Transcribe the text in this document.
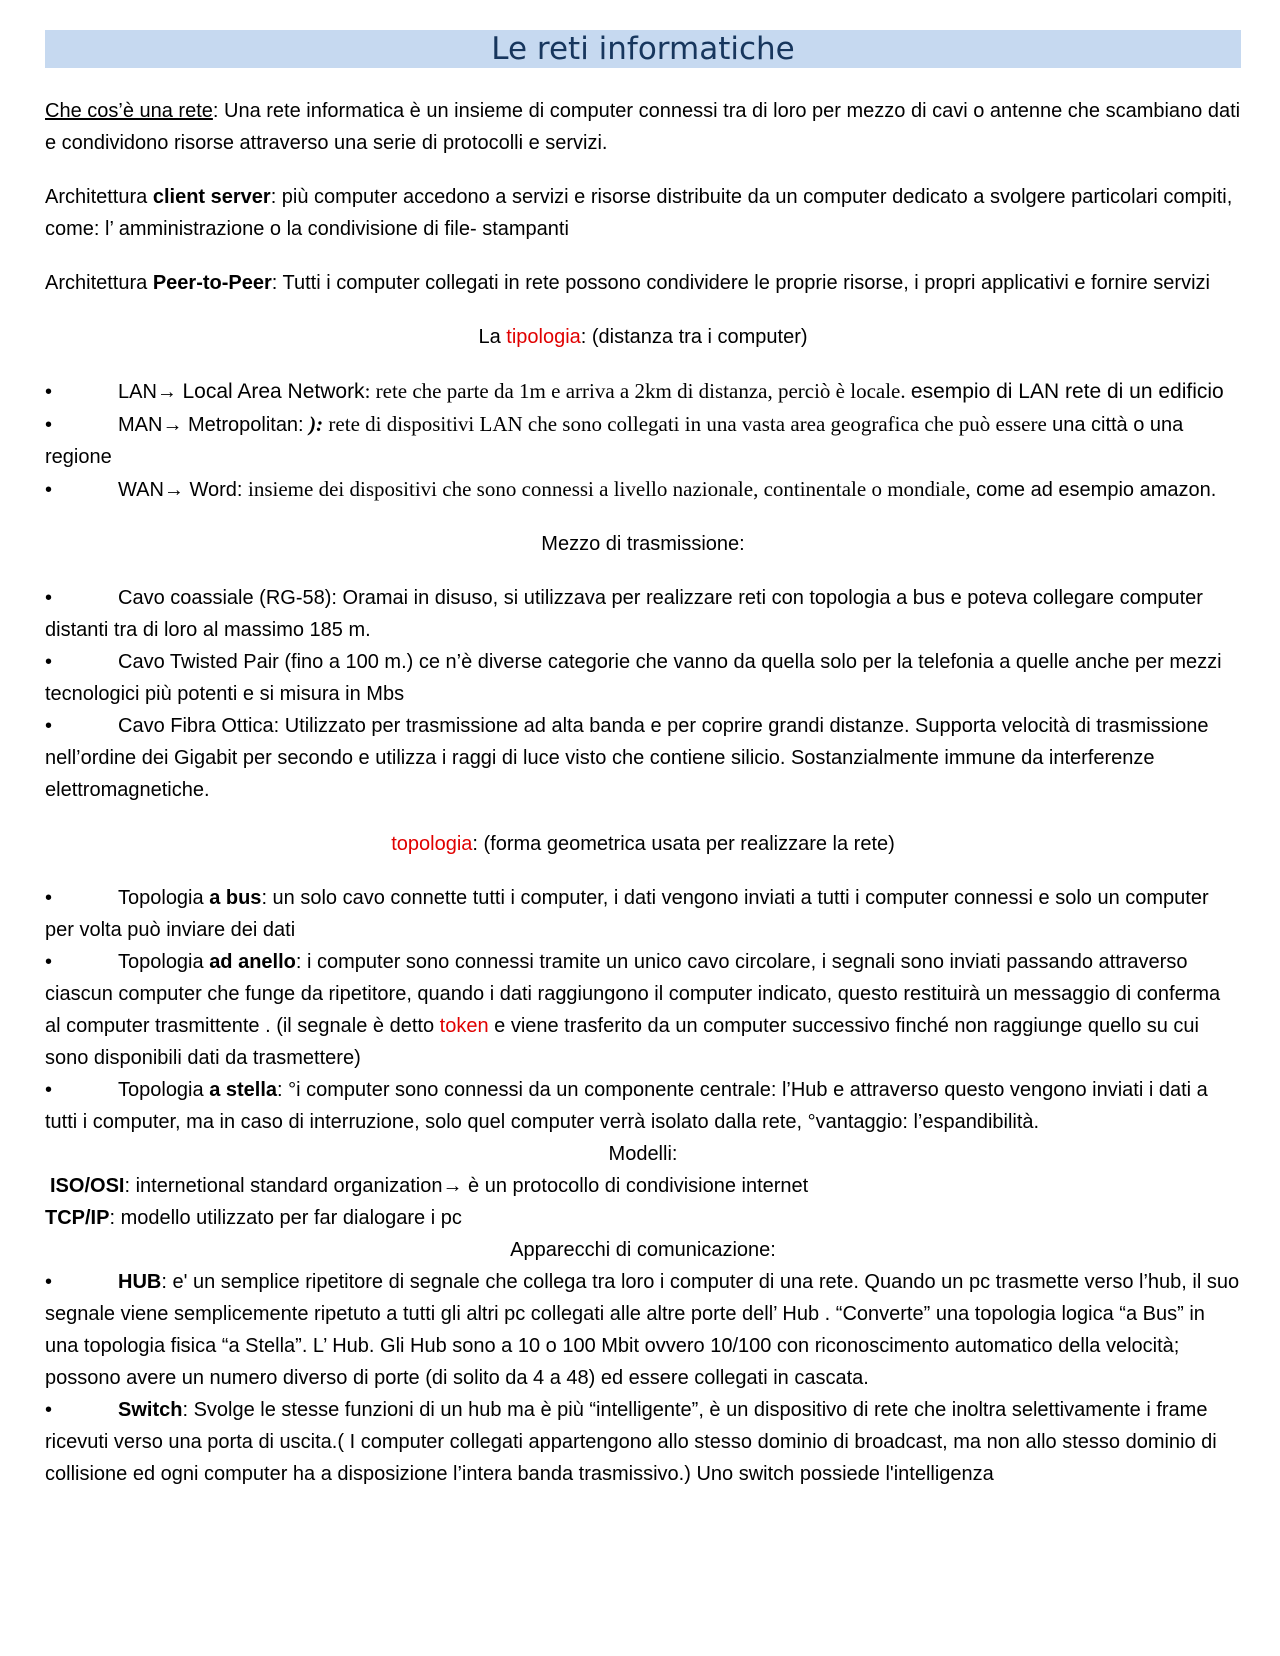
Le reti informatiche

Che cos’è una rete: Una rete informatica è un insieme di computer connessi tra di loro per mezzo di cavi o antenne che scambiano dati e condividono risorse attraverso una serie di protocolli e servizi.

Architettura client server: più computer accedono a servizi e risorse distribuite da un computer dedicato a svolgere particolari compiti, come: l’ amministrazione o la condivisione di file- stampanti

Architettura Peer-to-Peer: Tutti i computer collegati in rete possono condividere le proprie risorse, i propri applicativi e fornire servizi

La tipologia: (distanza tra i computer)

•	LAN→ Local Area Network: rete che parte da 1m e arriva a 2km di distanza, perciò è locale. esempio di LAN rete di un edificio

•	MAN→ Metropolitan: ): rete di dispositivi LAN che sono collegati in una vasta area geografica che può essere una città o una regione

•	WAN→ Word: insieme dei dispositivi che sono connessi a livello nazionale, continentale o mondiale, come ad esempio amazon.

Mezzo di trasmissione:

•	Cavo coassiale (RG-58): Oramai in disuso, si utilizzava per realizzare reti con topologia a bus e poteva collegare computer distanti tra di loro al massimo 185 m.

•	Cavo Twisted Pair (fino a 100 m.) ce n’è diverse categorie che vanno da quella solo per la telefonia a quelle anche per mezzi tecnologici più potenti e si misura in Mbs

•	Cavo Fibra Ottica: Utilizzato per trasmissione ad alta banda e per coprire grandi distanze. Supporta velocità di trasmissione nell’ordine dei Gigabit per secondo e utilizza i raggi di luce visto che contiene silicio. Sostanzialmente immune da interferenze elettromagnetiche.

topologia: (forma geometrica usata per realizzare la rete)

•	Topologia a bus: un solo cavo connette tutti i computer, i dati vengono inviati a tutti i computer connessi e solo un computer per volta può inviare dei dati

•	Topologia ad anello: i computer sono connessi tramite un unico cavo circolare, i segnali sono inviati passando attraverso ciascun computer che funge da ripetitore, quando i dati raggiungono il computer indicato, questo restituirà un messaggio di conferma al computer trasmittente . (il segnale è detto token e viene trasferito da un computer successivo finché non raggiunge quello su cui sono disponibili dati da trasmettere)

•	Topologia a stella: °i computer sono connessi da un componente centrale: l’Hub e attraverso questo vengono inviati i dati a tutti i computer, ma in caso di interruzione, solo quel computer verrà isolato dalla rete, °vantaggio: l’espandibilità.

Modelli:

ISO/OSI: internetional standard organization→ è un protocollo di condivisione internet

TCP/IP: modello utilizzato per far dialogare i pc

Apparecchi di comunicazione:

•	HUB: e' un semplice ripetitore di segnale che collega tra loro i computer di una rete. Quando un pc trasmette verso l’hub, il suo segnale viene semplicemente ripetuto a tutti gli altri pc collegati alle altre porte dell’ Hub . “Converte” una topologia logica “a Bus” in una topologia fisica “a Stella”. L’ Hub. Gli Hub sono a 10 o 100 Mbit ovvero 10/100 con riconoscimento automatico della velocità; possono avere un numero diverso di porte (di solito da 4 a 48) ed essere collegati in cascata.

•	Switch: Svolge le stesse funzioni di un hub ma è più “intelligente”, è un dispositivo di rete che inoltra selettivamente i frame ricevuti verso una porta di uscita.( I computer collegati appartengono allo stesso dominio di broadcast, ma non allo stesso dominio di collisione ed ogni computer ha a disposizione l’intera banda trasmissivo.) Uno switch possiede l'intelligenza
